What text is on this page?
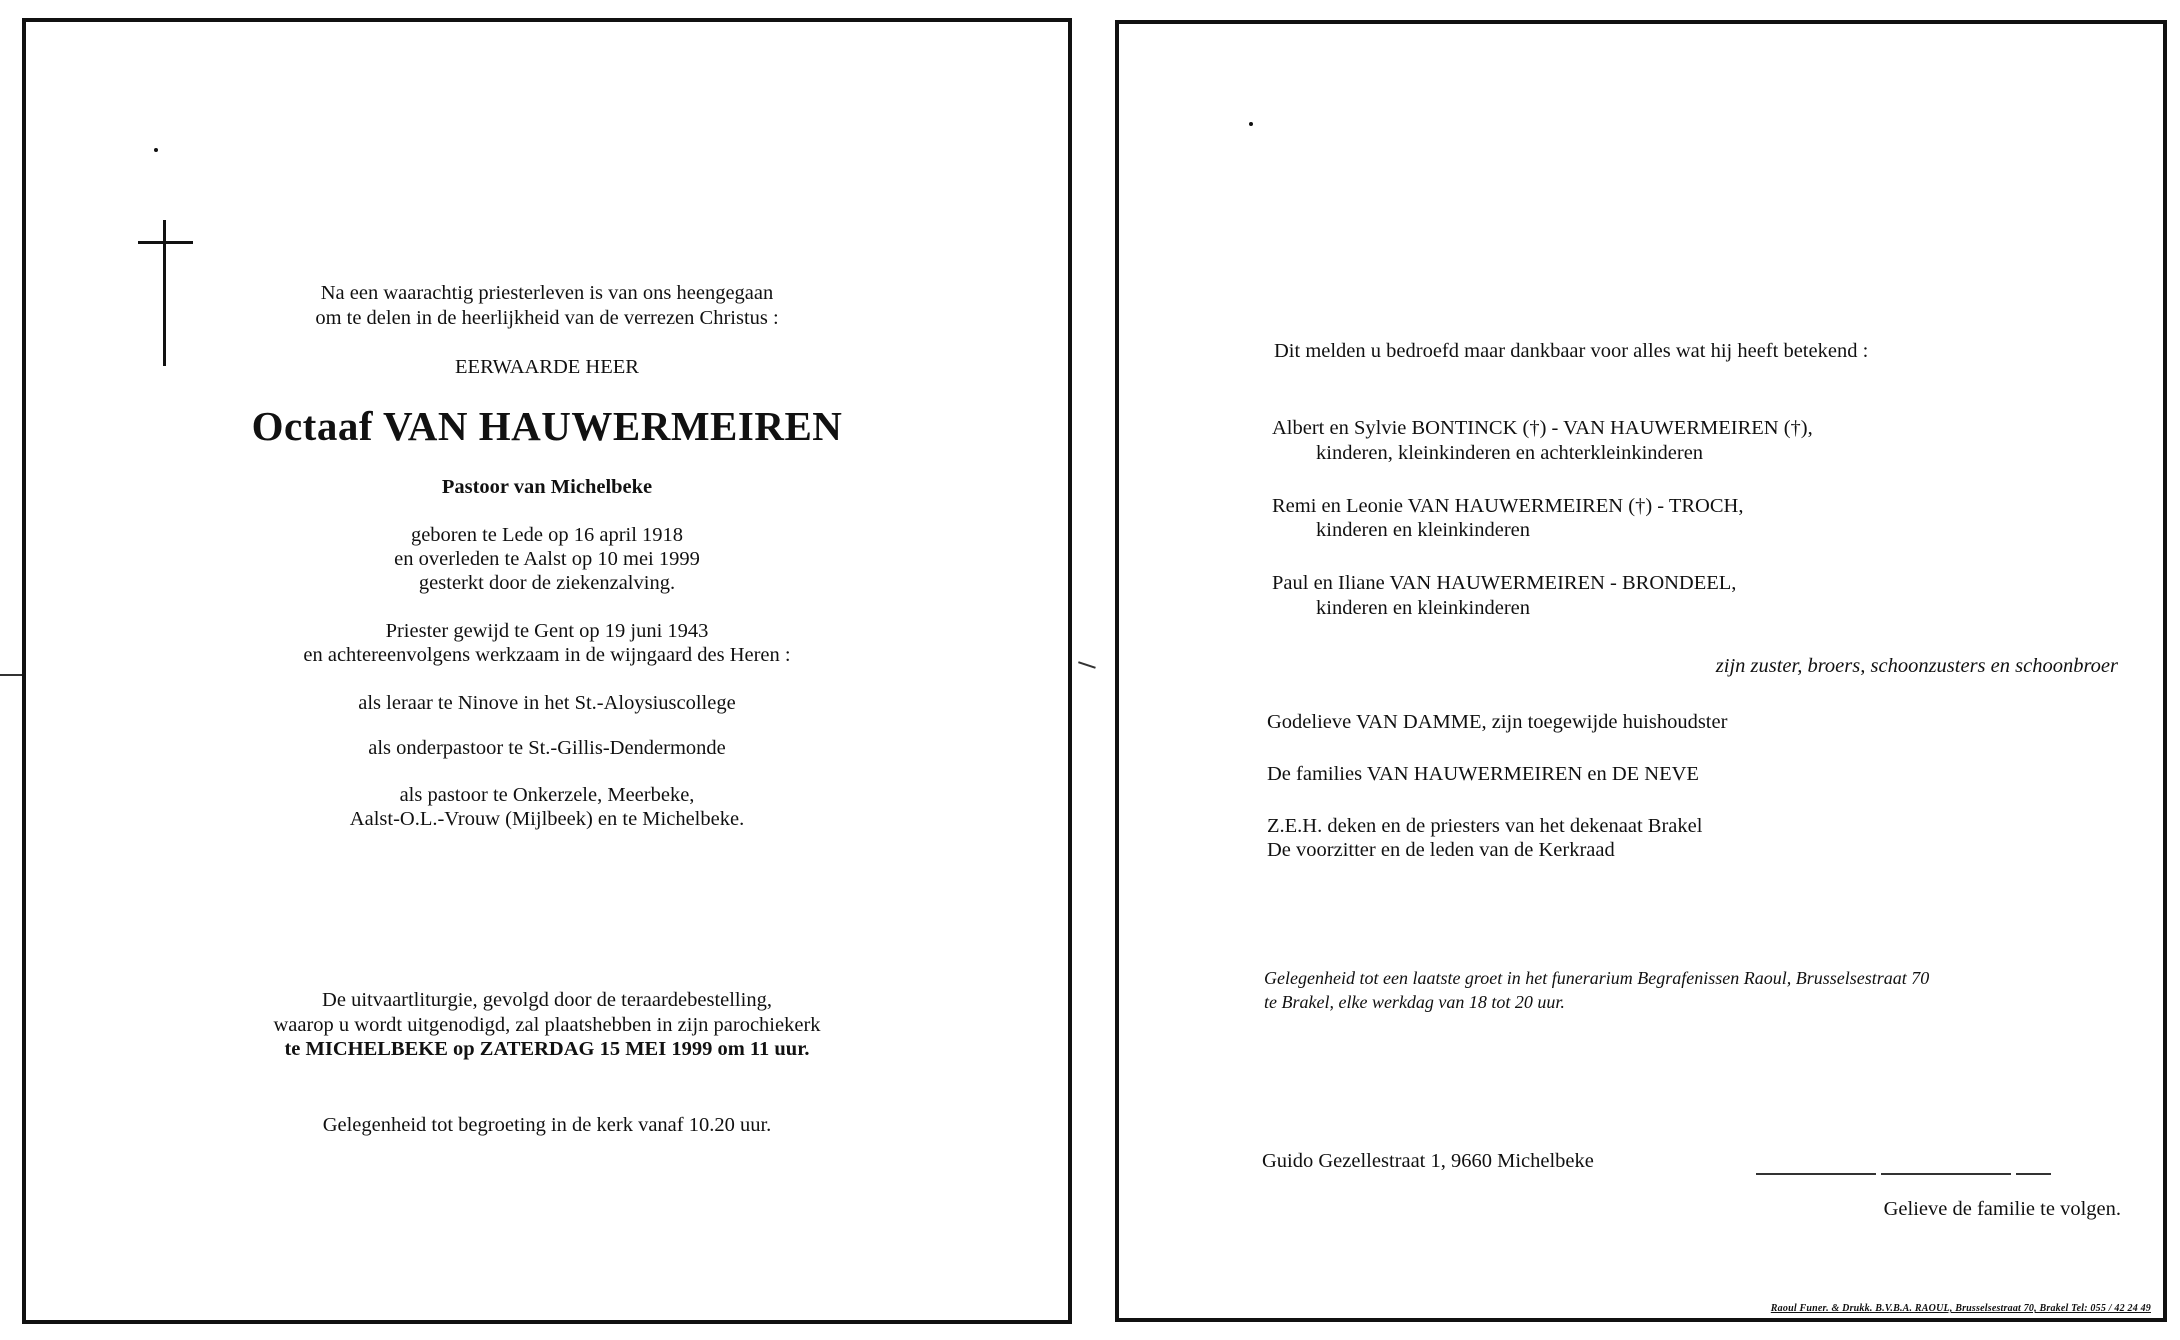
Na een waarachtig priesterleven is van ons heengegaan
om te delen in de heerlijkheid van de verrezen Christus :
EERWAARDE HEER
Octaaf VAN HAUWERMEIREN
Pastoor van Michelbeke
geboren te Lede op 16 april 1918
en overleden te Aalst op 10 mei 1999
gesterkt door de ziekenzalving.
Priester gewijd te Gent op 19 juni 1943
en achtereenvolgens werkzaam in de wijngaard des Heren :
als leraar te Ninove in het St.-Aloysiuscollege
als onderpastoor te St.-Gillis-Dendermonde
als pastoor te Onkerzele, Meerbeke,
Aalst-O.L.-Vrouw (Mijlbeek) en te Michelbeke.
De uitvaartliturgie, gevolgd door de teraardebestelling,
waarop u wordt uitgenodigd, zal plaatshebben in zijn parochiekerk
te MICHELBEKE op ZATERDAG 15 MEI 1999 om 11 uur.
Gelegenheid tot begroeting in de kerk vanaf 10.20 uur.
Dit melden u bedroefd maar dankbaar voor alles wat hij heeft betekend :
Albert en Sylvie BONTINCK (†) - VAN HAUWERMEIREN (†),
kinderen, kleinkinderen en achterkleinkinderen
Remi en Leonie VAN HAUWERMEIREN (†) - TROCH,
kinderen en kleinkinderen
Paul en Iliane VAN HAUWERMEIREN - BRONDEEL,
kinderen en kleinkinderen
zijn zuster, broers, schoonzusters en schoonbroer
Godelieve VAN DAMME, zijn toegewijde huishoudster
De families VAN HAUWERMEIREN en DE NEVE
Z.E.H. deken en de priesters van het dekenaat Brakel
De voorzitter en de leden van de Kerkraad
Gelegenheid tot een laatste groet in het funerarium Begrafenissen Raoul, Brusselsestraat 70
te Brakel, elke werkdag van 18 tot 20 uur.
Guido Gezellestraat 1, 9660 Michelbeke
Gelieve de familie te volgen.
Raoul Funer. & Drukk. B.V.B.A. RAOUL, Brusselsestraat 70, Brakel Tel: 055 / 42 24 49
